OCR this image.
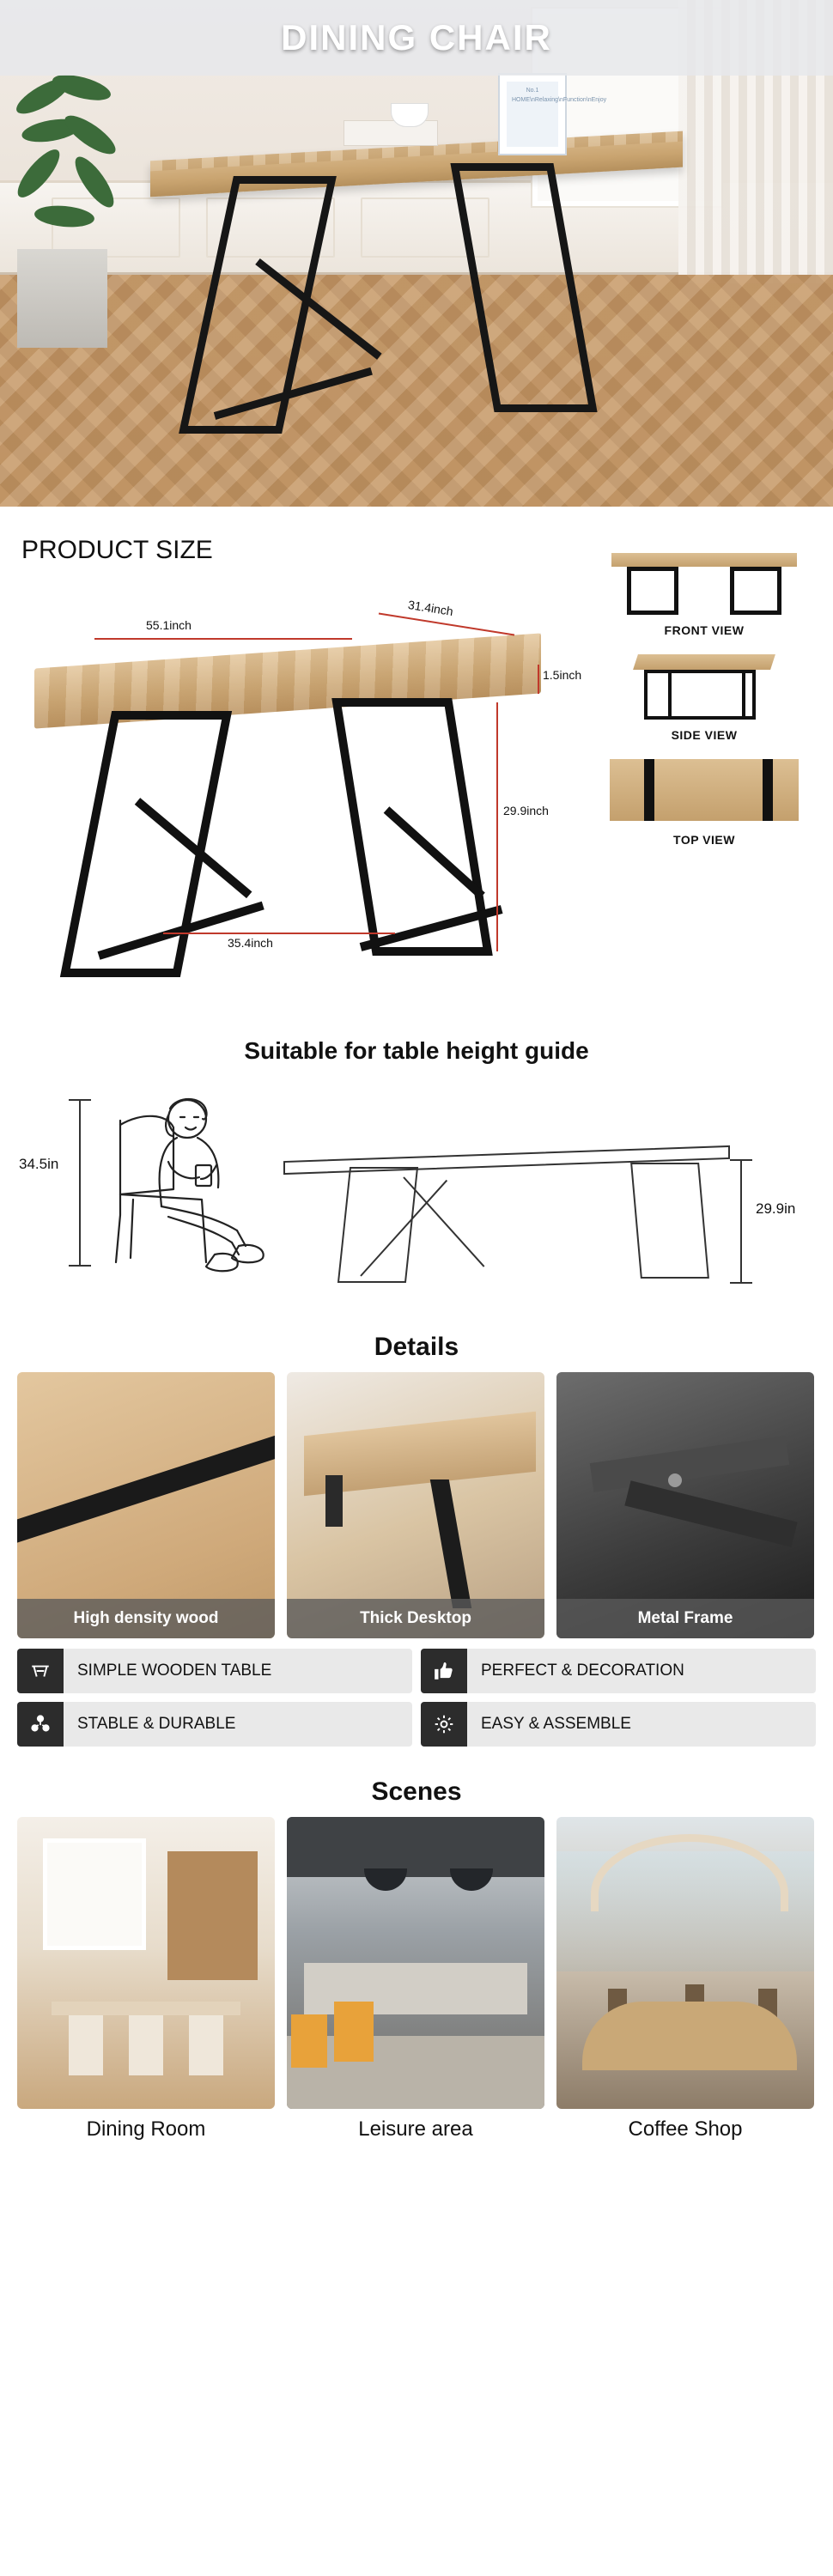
No.1 HOME\nRelaxing\nFunction\nEnjoy
DINING CHAIR
PRODUCT SIZE
55.1inch
31.4inch
1.5inch
29.9inch
35.4inch
FRONT VIEW
SIDE VIEW
TOP VIEW
Suitable for table height guide
34.5in
29.9in
Details
High density wood	Thick Desktop	Metal Frame
SIMPLE WOODEN TABLE	PERFECT & DECORATION
STABLE & DURABLE	EASY & ASSEMBLE
Scenes
Dining Room	Leisure area	Coffee Shop
